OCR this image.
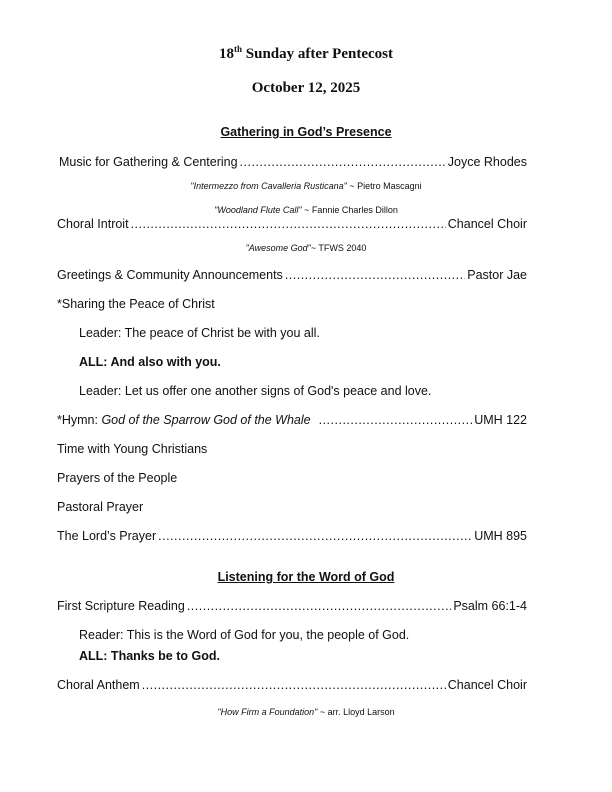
18th Sunday after Pentecost
October 12, 2025
Gathering in God’s Presence
Music for Gathering & Centering .....	Joyce Rhodes
"Intermezzo from Cavalleria Rusticana" ~ Pietro Mascagni
"Woodland Flute Call" ~ Fannie Charles Dillon
Choral Introit .....	Chancel Choir
"Awesome God"~ TFWS 2040
Greetings & Community Announcements .....	Pastor Jae
*Sharing the Peace of Christ
Leader: The peace of Christ be with you all.
ALL: And also with you.
Leader: Let us offer one another signs of God's peace and love.
*Hymn: God of the Sparrow God of the Whale .....	UMH 122
Time with Young Christians
Prayers of the People
Pastoral Prayer
The Lord’s Prayer .....	UMH 895
Listening for the Word of God
First Scripture Reading .....	Psalm 66:1-4
Reader: This is the Word of God for you, the people of God.
ALL: Thanks be to God.
Choral Anthem .....	Chancel Choir
"How Firm a Foundation" ~ arr. Lloyd Larson
